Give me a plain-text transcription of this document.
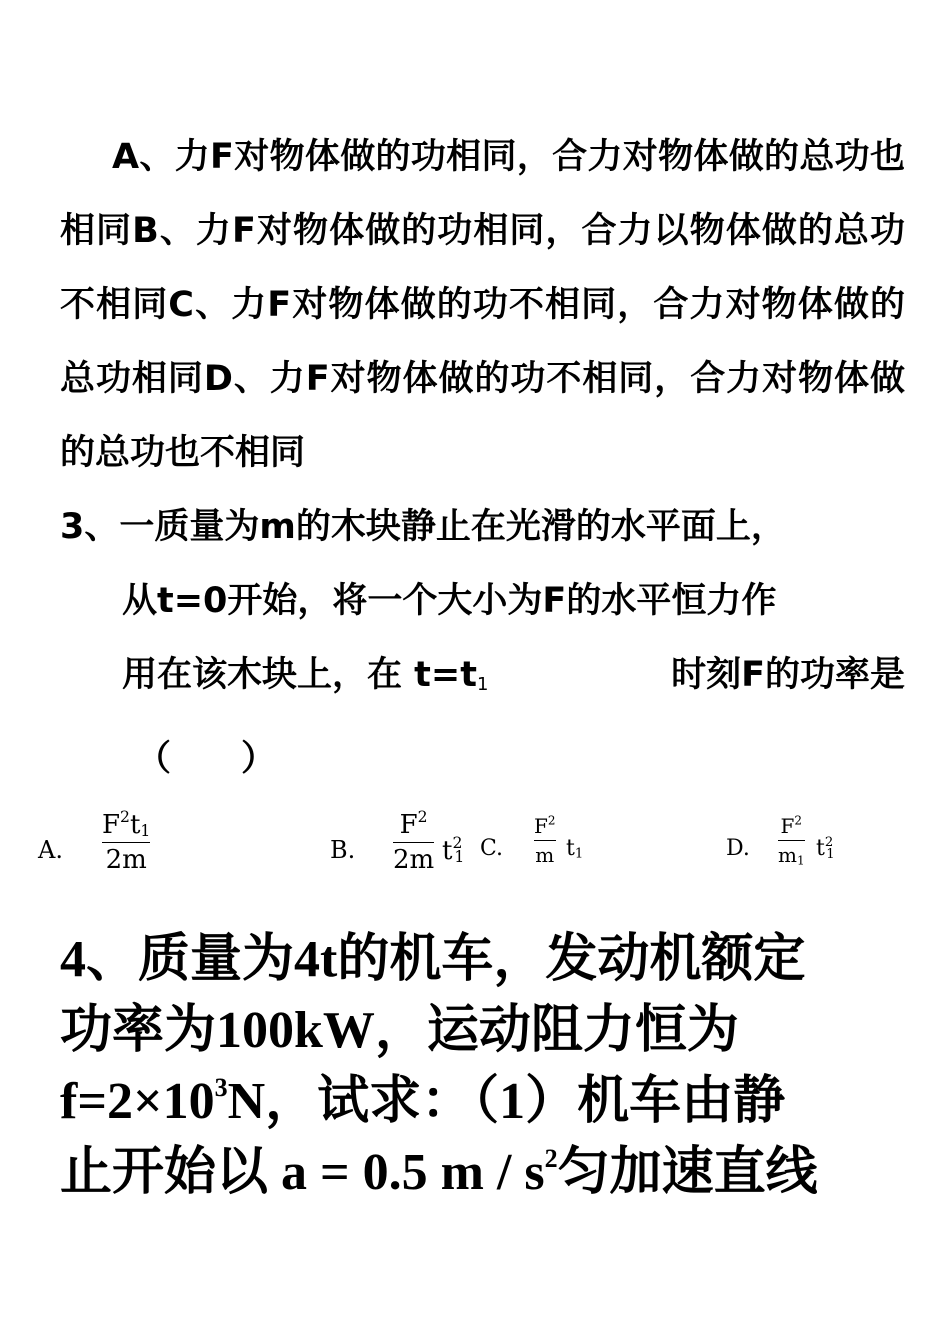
A、力F对物体做的功相同，合力对物体做的总功也相同B、力F对物体做的功相同，合力以物体做的总功不相同C、力F对物体做的功不相同，合力对物体做的总功相同D、力F对物体做的功不相同，合力对物体做的总功也不相同

3、一质量为m的木块静止在光滑的水平面上，
从t=0开始，将一个大小为F的水平恒力作
用在该木块上，在 $t=t_1$	时刻F的功率是
（　　）
A.
$F^2t_1$
2m	B.
$F^2$
2m $t^2_1$ C.
$F^2$
m $t_1$	D.
$F^2$
$m_1$ $t^2_1$
4、质量为4t的机车，发动机额定
功率为100kW，运动阻力恒为
$f=2\times 10^3N$，试求：（1）机车由静
止开始以 a = 0.5 m / $s^2$匀加速直线
